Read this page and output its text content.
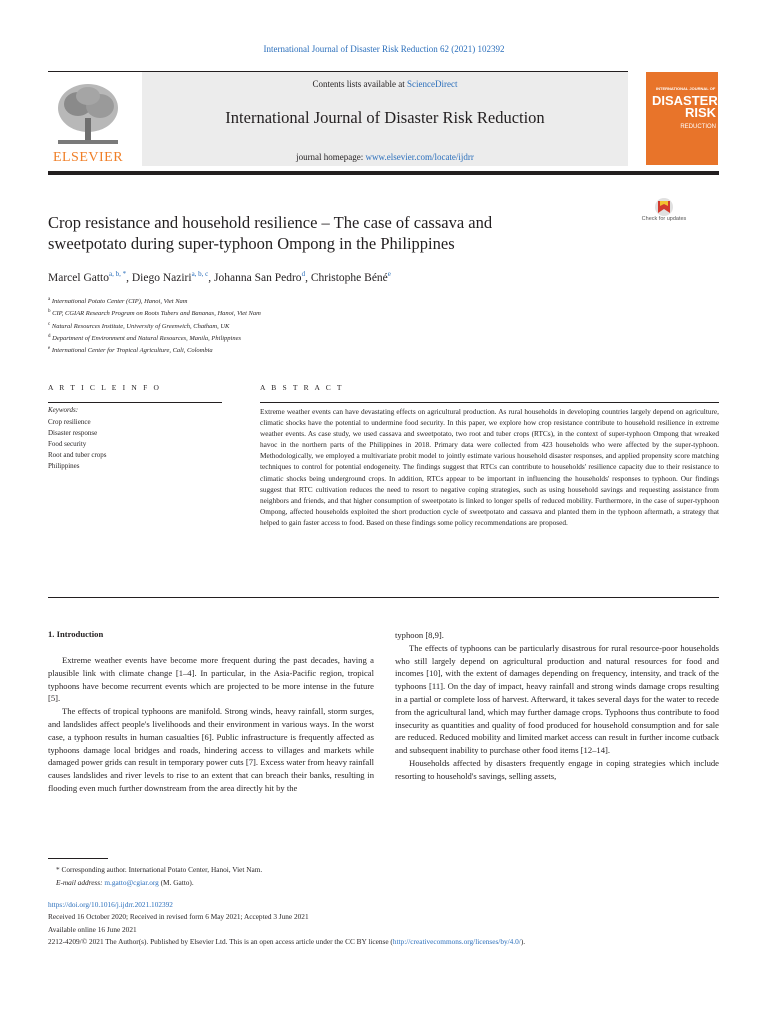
International Journal of Disaster Risk Reduction 62 (2021) 102392
ELSEVIER
Contents lists available at ScienceDirect
International Journal of Disaster Risk Reduction
journal homepage: www.elsevier.com/locate/ijdrr
INTERNATIONAL JOURNAL OF
DISASTER RISK
REDUCTION
Crop resistance and household resilience – The case of cassava and
sweetpotato during super-typhoon Ompong in the Philippines
Check for updates
Marcel Gatto$^{a, b, *}$, Diego Naziri$^{a, b, c}$, Johanna San Pedro$^d$, Christophe Béné$^e$
$^a$ International Potato Center (CIP), Hanoi, Viet Nam
$^b$ CIP, CGIAR Research Program on Roots Tubers and Bananas, Hanoi, Viet Nam
$^c$ Natural Resources Institute, University of Greenwich, Chatham, UK
$^d$ Department of Environment and Natural Resources, Manila, Philippines
$^e$ International Center for Tropical Agriculture, Cali, Colombia
A R T I C L E I N F O	A B S T R A C T
Keywords:
Crop resilience
Disaster response
Food security
Root and tuber crops
Philippines
Extreme weather events can have devastating effects on agricultural production. As rural households in developing countries largely depend on agriculture, climatic shocks have the potential to undermine food security. In this paper, we explore how crop resistance contribute to household resilience in extreme weather events. As case study, we used cassava and sweetpotato, two root and tuber crops (RTCs), in the context of super-typhoon Ompong that wreaked havoc in the northern parts of the Philippines in 2018. Primary data were collected from 423 households who were affected by the super-typhoon. Methodologically, we employed a multivariate probit model to jointly estimate various household disaster responses, and applied propensity score matching techniques to control for potential endogeneity. The findings suggest that RTCs can contribute to households' resilience capacity due to their resistance to climatic shocks being underground crops. In addition, RTCs appear to be important in influencing the households' responses to typhoon. Our findings suggest that RTC cultivation reduces the need to resort to negative coping strategies, such as using household savings and requesting assistance from neighbors and friends, and that higher consumption of sweetpotato is linked to longer spells of reduced mobility. Furthermore, in the case of super-typhoon Ompong, affected households exploited the short production cycle of sweetpotato and cassava and planted them in the typhoon aftermath, a strategy that helped to gain faster access to food. Based on these findings some policy recommendations are proposed.
1. Introduction

Extreme weather events have become more frequent during the past decades, having a plausible link with climate change [1–4]. In particular, in the Asia-Pacific region, tropical typhoons have become recurrent events which are projected to be more intense in the future [5].

The effects of tropical typhoons are manifold. Strong winds, heavy rainfall, storm surges, and landslides affect people's livelihoods and their environment in various ways. In the worst case, a typhoon results in human casualties [6]. Public infrastructure is frequently affected as typhoons damage local bridges and roads, hindering access to villages and markets while damaged power grids can result in temporary power cuts [7]. Excess water from heavy rainfall causes landslides and river levels to rise to an extent that can breach their banks, resulting in flooding even much further downstream from the area directly hit by the

typhoon [8,9].

The effects of typhoons can be particularly disastrous for rural resource-poor households who still largely depend on agricultural production and natural resources for food and incomes [10], with the extent of damages depending on frequency, intensity, and track of the typhoons [11]. On the day of impact, heavy rainfall and strong winds damage crops resulting in a partial or complete loss of harvest. Afterward, it takes several days for the water to recede from the agricultural land, which may further damage crops. Typhoons thus contribute to food insecurity as quantities and quality of food produced for household consumption and for sale are reduced. Reduced mobility and limited market access can result in further income cutback and subsequent inability to purchase other food items [12–14].

Households affected by disasters frequently engage in coping strategies which include resorting to household's savings, selling assets,

* Corresponding author. International Potato Center, Hanoi, Viet Nam.
E-mail address: m.gatto@cgiar.org (M. Gatto).
https://doi.org/10.1016/j.ijdrr.2021.102392
Received 16 October 2020; Received in revised form 6 May 2021; Accepted 3 June 2021
Available online 16 June 2021
2212-4209/© 2021 The Author(s). Published by Elsevier Ltd. This is an open access article under the CC BY license (http://creativecommons.org/licenses/by/4.0/).
